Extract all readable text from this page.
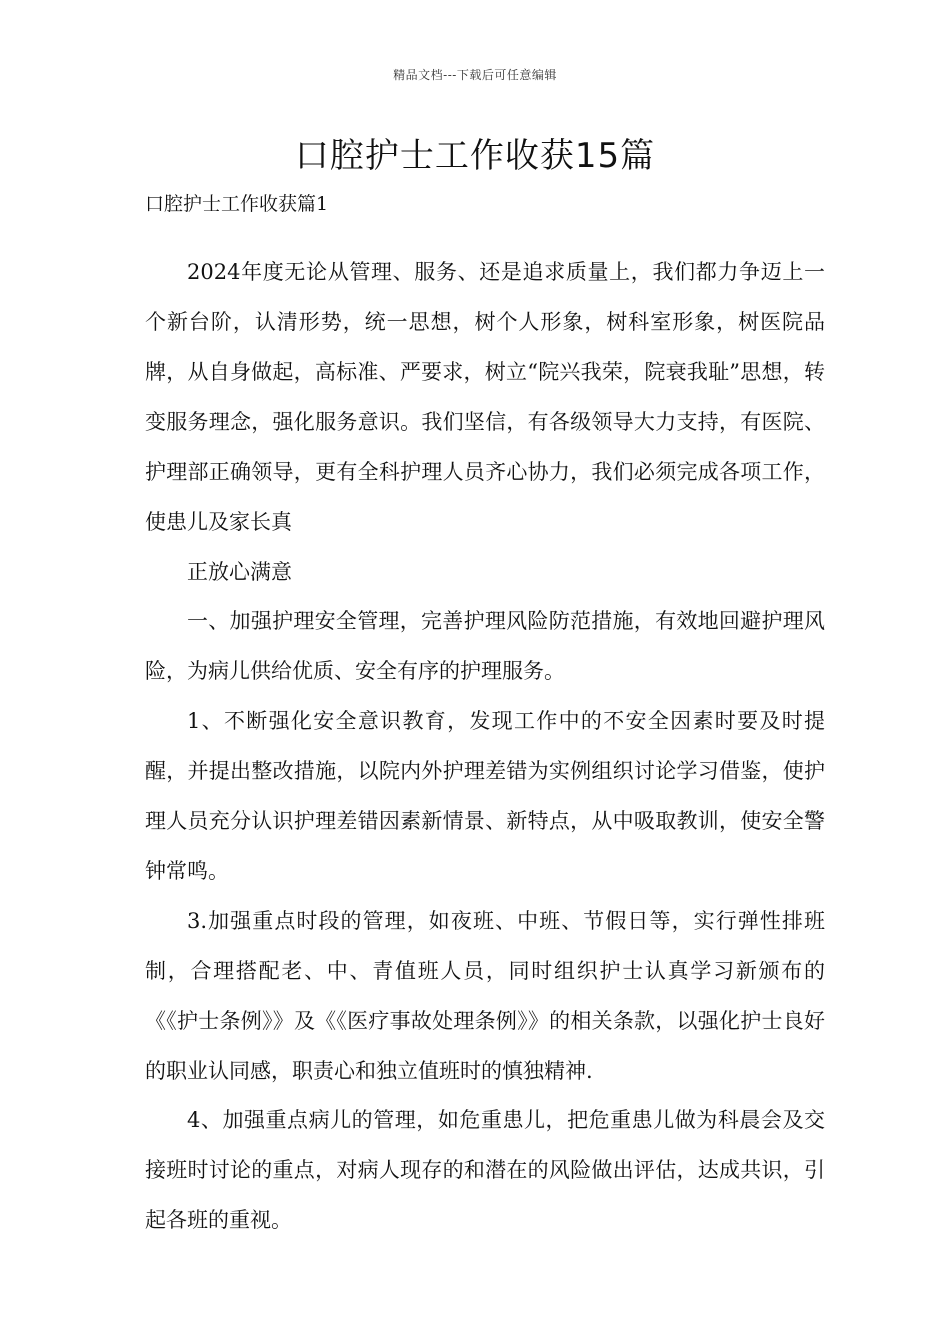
精品文档---下载后可任意编辑
口腔护士工作收获15篇
口腔护士工作收获篇1

2024年度无论从管理、服务、还是追求质量上，我们都力争迈上一个新台阶，认清形势，统一思想，树个人形象，树科室形象，树医院品牌，从自身做起，高标准、严要求，树立“院兴我荣，院衰我耻”思想，转变服务理念，强化服务意识。我们坚信，有各级领导大力支持，有医院、护理部正确领导，更有全科护理人员齐心协力，我们必须完成各项工作，使患儿及家长真

正放心满意

一、加强护理安全管理，完善护理风险防范措施，有效地回避护理风险，为病儿供给优质、安全有序的护理服务。

1、不断强化安全意识教育，发现工作中的不安全因素时要及时提醒，并提出整改措施，以院内外护理差错为实例组织讨论学习借鉴，使护理人员充分认识护理差错因素新情景、新特点，从中吸取教训，使安全警钟常鸣。

3.加强重点时段的管理，如夜班、中班、节假日等，实行弹性排班制，合理搭配老、中、青值班人员，同时组织护士认真学习新颁布的《《护士条例》》及《《医疗事故处理条例》》的相关条款，以强化护士良好的职业认同感，职责心和独立值班时的慎独精神.

4、加强重点病儿的管理，如危重患儿，把危重患儿做为科晨会及交接班时讨论的重点，对病人现存的和潜在的风险做出评估，达成共识，引起各班的重视。
